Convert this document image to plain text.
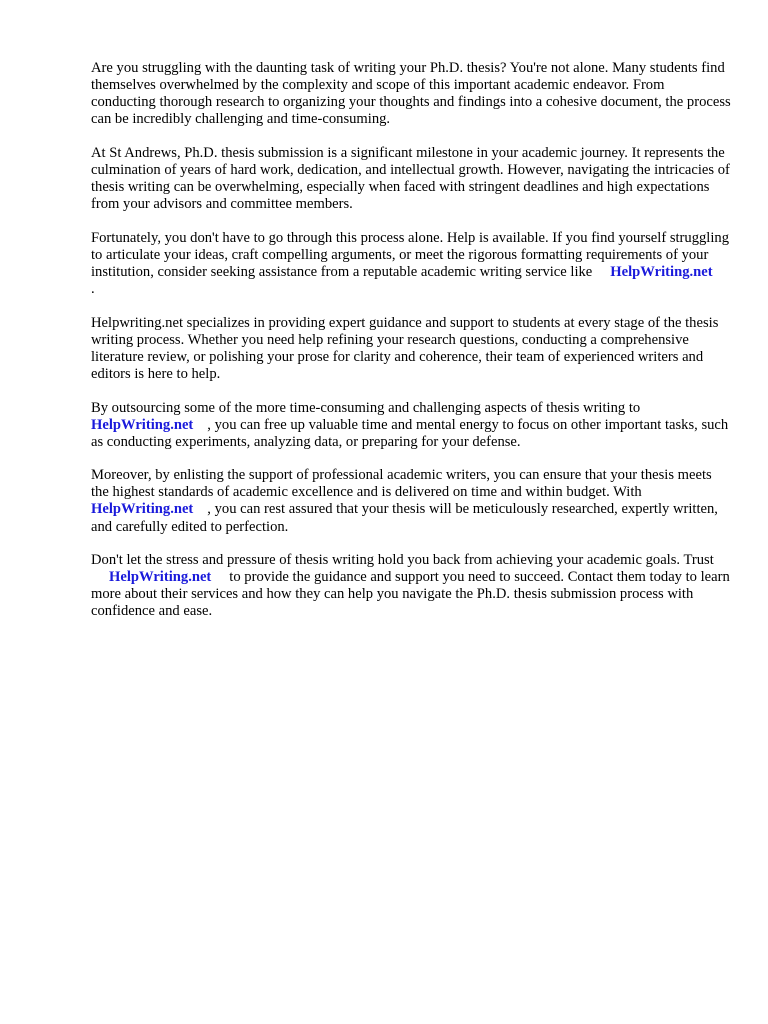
Are you struggling with the daunting task of writing your Ph.D. thesis? You're not alone. Many students find themselves overwhelmed by the complexity and scope of this important academic endeavor. From conducting thorough research to organizing your thoughts and findings into a cohesive document, the process can be incredibly challenging and time-consuming.

At St Andrews, Ph.D. thesis submission is a significant milestone in your academic journey. It represents the culmination of years of hard work, dedication, and intellectual growth. However, navigating the intricacies of thesis writing can be overwhelming, especially when faced with stringent deadlines and high expectations from your advisors and committee members.

Fortunately, you don't have to go through this process alone. Help is available. If you find yourself struggling to articulate your ideas, craft compelling arguments, or meet the rigorous formatting requirements of your institution, consider seeking assistance from a reputable academic writing service like HelpWriting.net.

Helpwriting.net specializes in providing expert guidance and support to students at every stage of the thesis writing process. Whether you need help refining your research questions, conducting a comprehensive literature review, or polishing your prose for clarity and coherence, their team of experienced writers and editors is here to help.

By outsourcing some of the more time-consuming and challenging aspects of thesis writing to HelpWriting.net , you can free up valuable time and mental energy to focus on other important tasks, such as conducting experiments, analyzing data, or preparing for your defense.

Moreover, by enlisting the support of professional academic writers, you can ensure that your thesis meets the highest standards of academic excellence and is delivered on time and within budget. With HelpWriting.net , you can rest assured that your thesis will be meticulously researched, expertly written, and carefully edited to perfection.

Don't let the stress and pressure of thesis writing hold you back from achieving your academic goals. TrustHelpWriting.net to provide the guidance and support you need to succeed. Contact them today to learn more about their services and how they can help you navigate the Ph.D. thesis submission process with confidence and ease.
